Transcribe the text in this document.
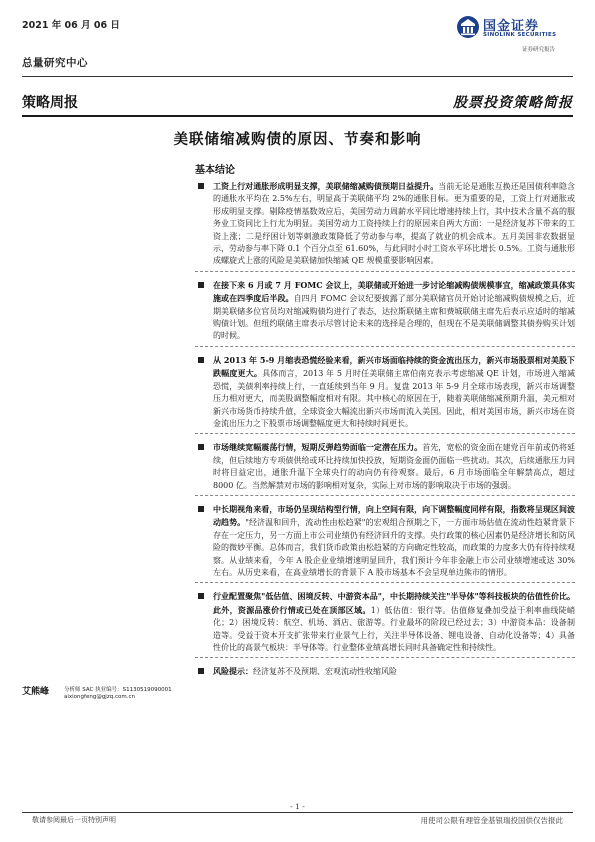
2021 年 06 月 06 日	国金证券
SINOLINK SECURITIES
证券研究报告
总量研究中心
策略周报	股票投资策略简报
美联储缩减购债的原因、节奏和影响
基本结论
工资上行对通胀形成明显支撑，美联储缩减购债预期日益提升。当前无论是通胀互换还是国债利率隐含的通胀水平均在 2.5%左右，明显高于美联储平均 2%的通胀目标。更为重要的是，工资上行对通胀或形成明显支撑。剔除疫情基数效应后，美国劳动力周薪水平同比增速持续上行，其中技术含量不高的服务业工资同比上行尤为明显。美国劳动力工资持续上行的原因来自两大方面：一是经济复苏下带来的工资上涨；二是纾困计划等刺激政策降低了劳动参与率，提高了就业的机会成本。五月美国非农数据显示，劳动参与率下降 0.1 个百分点至 61.60%，与此同时小时工资水平环比增长 0.5%。工资与通胀形成螺旋式上涨的风险是美联储加快缩减 QE 规模重要影响因素。
在接下来 6 月或 7 月 FOMC 会议上，美联储或开始进一步讨论缩减购债规模事宜，缩减政策具体实施或在四季度后半段。自四月 FOMC 会议纪要披露了部分美联储官员开始讨论缩减购债规模之后，近期美联储多位官员均对缩减购债均进行了表态，达拉斯联储主席和费城联储主席先后表示应适时的缩减购债计划。但纽约联储主席表示尽管讨论未来的选择是合理的，但现在不是美联储调整其债券购买计划的时候。
从 2013 年 5-9 月缩表恐慌经验来看，新兴市场面临持续的资金流出压力，新兴市场股票相对美股下跌幅度更大。具体而言，2013 年 5 月时任美联储主席伯南克表示考虑缩减 QE 计划，市场进入缩减恐慌，美债利率持续上行，一直延续到当年 9 月。复盘 2013 年 5-9 月全球市场表现，新兴市场调整压力相对更大，而美股调整幅度相对有限。其中核心的原因在于，随着美联储缩减预期升温，美元相对新兴市场货币持续升值，全球资金大幅流出新兴市场而流入美国。因此，相对美国市场，新兴市场在资金流出压力之下股票市场调整幅度更大和持续时间更长。
市场继续宽幅震荡行情，短期反弹趋势面临一定潜在压力。首先，宽松的资金面在建党百年前或仍将延续，但后续地方专项债供给或环比持续加快投放，短期资金面仍面临一些扰动。其次，后续通胀压力同时将目益定出，通胀升温下全球央行的动向仍有待观察。最后，6 月市场面临全年解禁高点，超过 8000 亿。当然解禁对市场的影响相对复杂，实际上对市场的影响取决于市场的强弱。
中长期视角来看，市场仍呈现结构型行情，向上空间有限，向下调整幅度同样有限，指数将呈现区间波动趋势。"经济温和回升，流动性由松趋紧"的宏观组合预期之下，一方面市场估值在流动性趋紧背景下存在一定压力，另一方面上市公司业绩仍有经济回升的支撑。央行政策的核心因素仍是经济增长和防风险的微妙平衡。总体而言，我们货币政策由松趋紧的方向确定性较高，而政策的力度多大仍有待持续观察。从业绩来看，今年 A 股企业业绩增速明显回升，我们预计今年非金融上市公司业绩增速或达 30%左右。从历史来看，在高业绩增长的背景下 A 股市场基本不会呈现单边熊市的情形。
行业配置聚焦"低估值、困境反转、中游资本品"，中长期持续关注"半导体"等科技板块的估值性价比。此外，资源品涨价行情或已处在顶部区域。1）低估值：银行等。估值修复叠加受益于利率曲线陡峭化；2）困境反转：航空、机场、酒店、旅游等。行业最坏的阶段已经过去；3）中游资本品：设备制造等。受益于资本开支扩张带来行业景气上行，关注半导体设备、锂电设备、自动化设备等；4）具备性价比的高景气板块：半导体等。行业整体业绩高增长同时具备确定性和持续性。
风险提示：经济复苏不及预期、宏观流动性收缩风险
艾熊峰	分析师 SAC 执业编号：S1130519090001
aixiongfeng@gjzq.com.cn
- 1 -
敬请参阅最后一页特别声明	用使司公限有理管金基银瑞投国供仅告报此
